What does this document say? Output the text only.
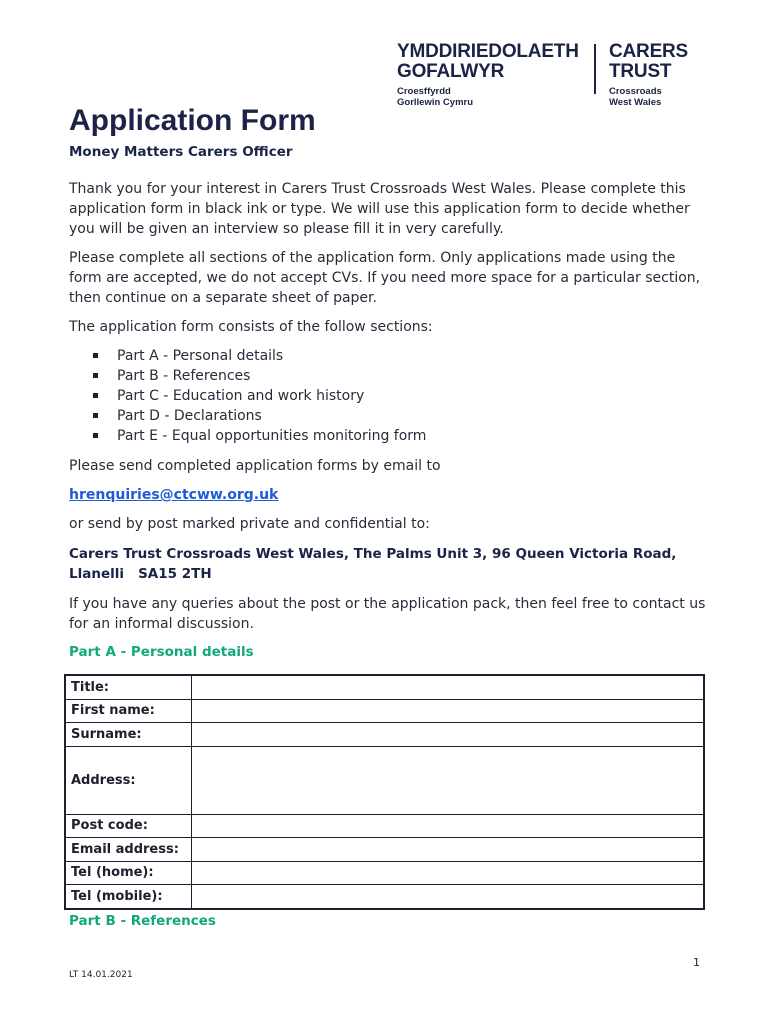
YMDDIRIEDOLAETH
GOFALWYR
Croesffyrdd
Gorllewin Cymru
CARERS
TRUST
Crossroads
West Wales
Application Form
Money Matters Carers Officer

Thank you for your interest in Carers Trust Crossroads West Wales. Please complete this application form in black ink or type. We will use this application form to decide whether you will be given an interview so please fill it in very carefully.

Please complete all sections of the application form. Only applications made using the form are accepted, we do not accept CVs. If you need more space for a particular section, then continue on a separate sheet of paper.

The application form consists of the follow sections:

Part A - Personal details
Part B - References
Part C - Education and work history
Part D - Declarations
Part E - Equal opportunities monitoring form

Please send completed application forms by email to

hrenquiries@ctcww.org.uk

or send by post marked private and confidential to:

Carers Trust Crossroads West Wales, The Palms Unit 3, 96 Queen Victoria Road,
Llanelli   SA15 2TH

If you have any queries about the post or the application pack, then feel free to contact us for an informal discussion.

Part A - Personal details
Title:	
First name:	
Surname:	
Address:	
Post code:	
Email address:	
Tel (home):	
Tel (mobile):	
Part B - References
1
LT 14.01.2021
